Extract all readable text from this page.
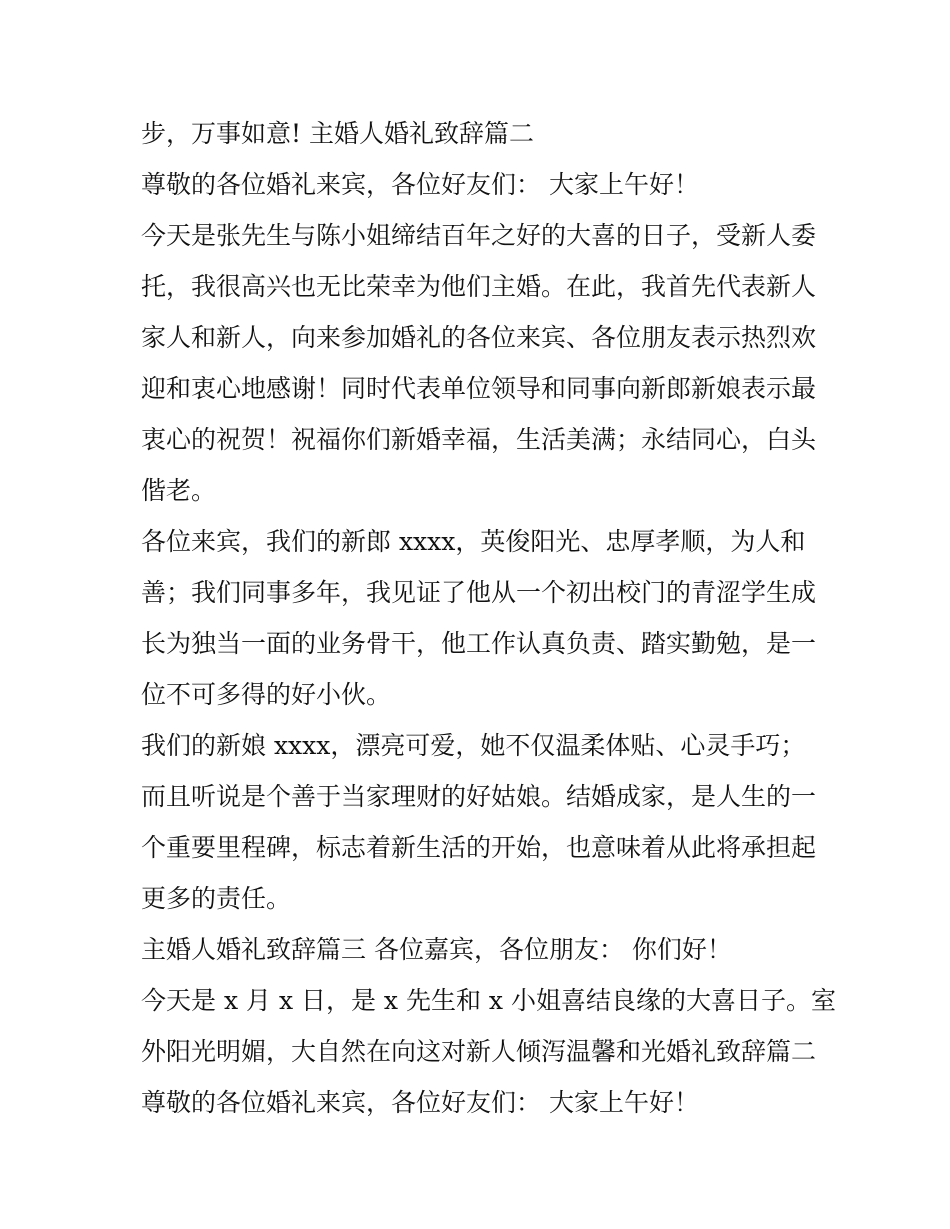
步，万事如意! 主婚人婚礼致辞篇二
尊敬的各位婚礼来宾，各位好友们： 大家上午好！
今天是张先生与陈小姐缔结百年之好的大喜的日子，受新人委
托，我很高兴也无比荣幸为他们主婚。在此，我首先代表新人
家人和新人，向来参加婚礼的各位来宾、各位朋友表示热烈欢
迎和衷心地感谢！同时代表单位领导和同事向新郎新娘表示最
衷心的祝贺！祝福你们新婚幸福，生活美满；永结同心，白头
偕老。
各位来宾，我们的新郎 xxxx，英俊阳光、忠厚孝顺，为人和
善；我们同事多年，我见证了他从一个初出校门的青涩学生成
长为独当一面的业务骨干，他工作认真负责、踏实勤勉，是一
位不可多得的好小伙。
我们的新娘 xxxx，漂亮可爱，她不仅温柔体贴、心灵手巧；
而且听说是个善于当家理财的好姑娘。结婚成家，是人生的一
个重要里程碑，标志着新生活的开始，也意味着从此将承担起
更多的责任。
主婚人婚礼致辞篇三 各位嘉宾，各位朋友： 你们好！
今天是 x 月 x 日，是 x 先生和 x 小姐喜结良缘的大喜日子。室
外阳光明媚，大自然在向这对新人倾泻温馨和光婚礼致辞篇二
尊敬的各位婚礼来宾，各位好友们： 大家上午好！
